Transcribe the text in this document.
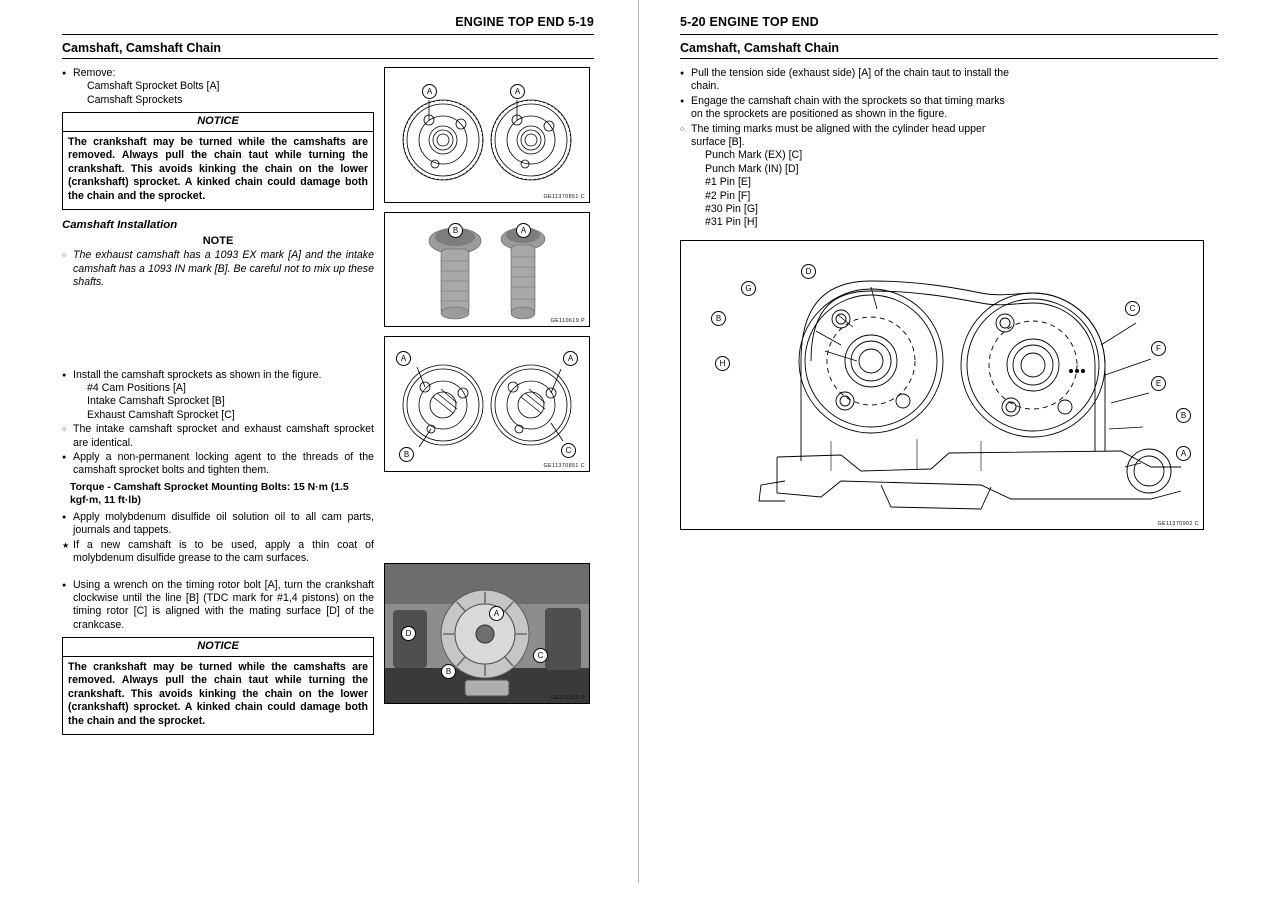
ENGINE TOP END 5-19
Camshaft, Camshaft Chain
● Remove:
Camshaft Sprocket Bolts [A]
Camshaft Sprockets
NOTICE
The crankshaft may be turned while the camshafts are removed. Always pull the chain taut while turning the crankshaft. This avoids kinking the chain on the lower (crankshaft) sprocket. A kinked chain could damage both the chain and the sprocket.
Camshaft Installation
NOTE
○ The exhaust camshaft has a 1093 EX mark [A] and the intake camshaft has a 1093 IN mark [B]. Be careful not to mix up these shafts.
● Install the camshaft sprockets as shown in the figure.
#4 Cam Positions [A]
Intake Camshaft Sprocket [B]
Exhaust Camshaft Sprocket [C]
○ The intake camshaft sprocket and exhaust camshaft sprocket are identical.
● Apply a non-permanent locking agent to the threads of the camshaft sprocket bolts and tighten them.
Torque - Camshaft Sprocket Mounting Bolts: 15 N·m (1.5 kgf·m, 11 ft·lb)
● Apply molybdenum disulfide oil solution oil to all cam parts, journals and tappets.
★ If a new camshaft is to be used, apply a thin coat of molybdenum disulfide grease to the cam surfaces.
● Using a wrench on the timing rotor bolt [A], turn the crankshaft clockwise until the line [B] (TDC mark for #1,4 pistons) on the timing rotor [C] is aligned with the mating surface [D] of the crankcase.
NOTICE
The crankshaft may be turned while the camshafts are removed. Always pull the chain taut while turning the crankshaft. This avoids kinking the chain on the lower (crankshaft) sprocket. A kinked chain could damage both the chain and the sprocket.
A	A
GE11370851 C
B	A
GE110619 P
A	A
B	C
GE11370851 C
A
B
C
D
GE110618 P
5-20 ENGINE TOP END
Camshaft, Camshaft Chain
● Pull the tension side (exhaust side) [A] of the chain taut to install the chain.
● Engage the camshaft chain with the sprockets so that timing marks on the sprockets are positioned as shown in the figure.
○ The timing marks must be aligned with the cylinder head upper surface [B].
Punch Mark (EX) [C]
Punch Mark (IN) [D]
#1 Pin [E]
#2 Pin [F]
#30 Pin [G]
#31 Pin [H]
A
B
B
C
D
E
F
G
H
GE11370902 C
